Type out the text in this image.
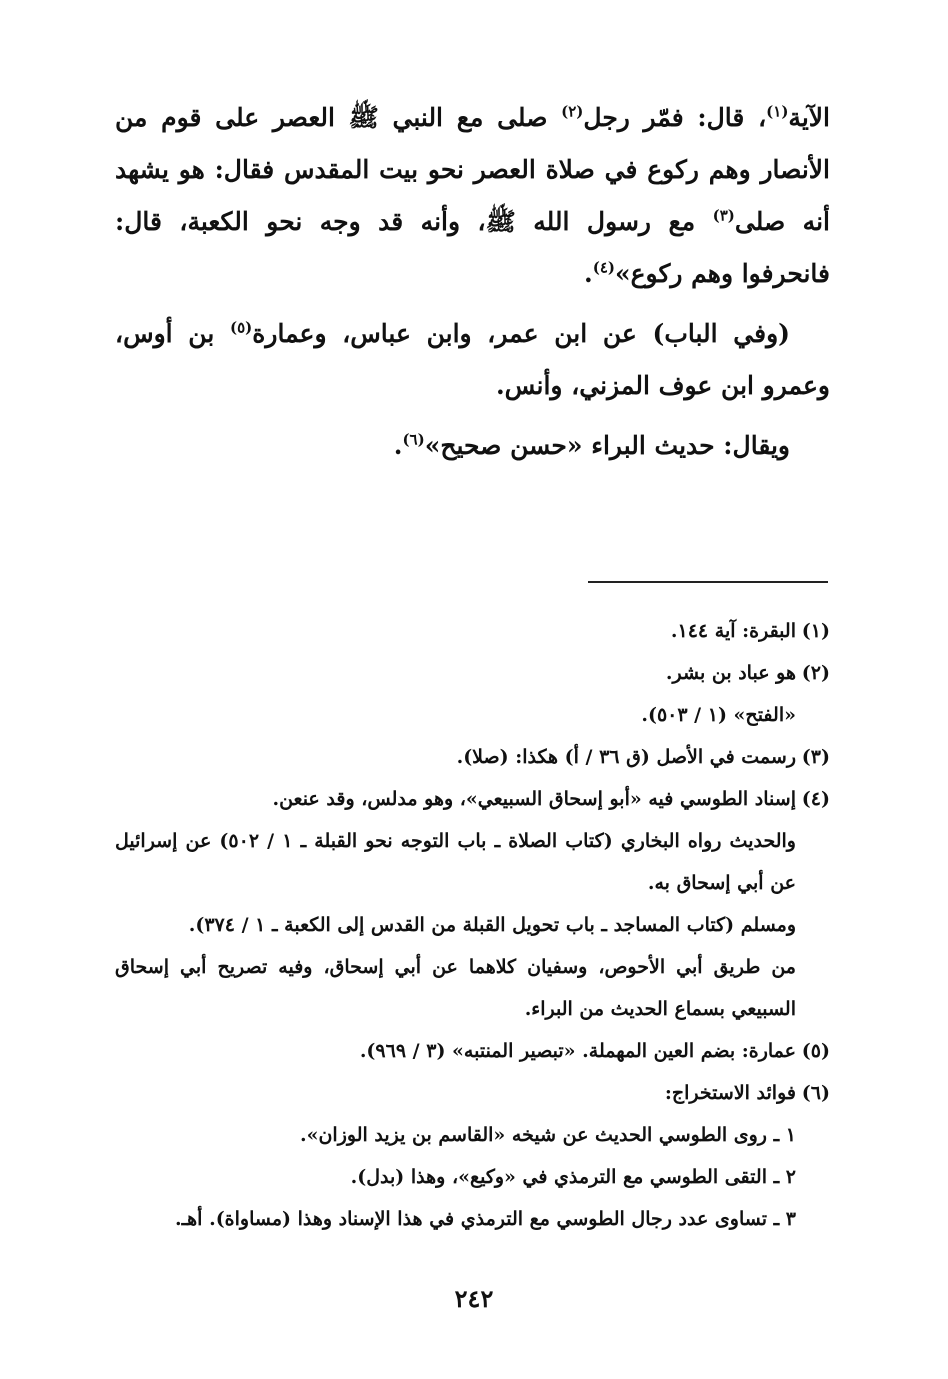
الآية$^{(١)}$، قال: فمّر رجل$^{(٢)}$ صلى مع النبي ﷺ العصر على قوم من الأنصار وهم ركوع في صلاة العصر نحو بيت المقدس فقال: هو يشهد أنه صلى$^{(٣)}$ مع رسول الله ﷺ، وأنه قد وجه نحو الكعبة، قال: فانحرفوا وهم ركوع»$^{(٤)}$.

(وفي الباب) عن ابن عمر، وابن عباس، وعمارة$^{(٥)}$ بن أوس، وعمرو ابن عوف المزني، وأنس.

ويقال: حديث البراء «حسن صحيح»$^{(٦)}$.

(١)البقرة: آية ١٤٤.

(٢)هو عباد بن بشر.

«الفتح» (١ / ٥٠٣).

(٣)رسمت في الأصل (ق ٣٦ / أ) هكذا: (صلا).

(٤)إسناد الطوسي فيه «أبو إسحاق السبيعي»، وهو مدلس، وقد عنعن.

والحديث رواه البخاري (كتاب الصلاة ـ باب التوجه نحو القبلة ـ ١ / ٥٠٢) عن إسرائيل عن أبي إسحاق به.

ومسلم (كتاب المساجد ـ باب تحويل القبلة من القدس إلى الكعبة ـ ١ / ٣٧٤).

من طريق أبي الأحوص، وسفيان كلاهما عن أبي إسحاق، وفيه تصريح أبي إسحاق السبيعي بسماع الحديث من البراء.

(٥)عمارة: بضم العين المهملة. «تبصير المنتبه» (٣ / ٩٦٩).

(٦)فوائد الاستخراج:

١ ـ روى الطوسي الحديث عن شيخه «القاسم بن يزيد الوزان».

٢ ـ التقى الطوسي مع الترمذي في «وكيع»، وهذا (بدل).

٣ ـ تساوى عدد رجال الطوسي مع الترمذي في هذا الإسناد وهذا (مساواة). أهـ.

٢٤٢
